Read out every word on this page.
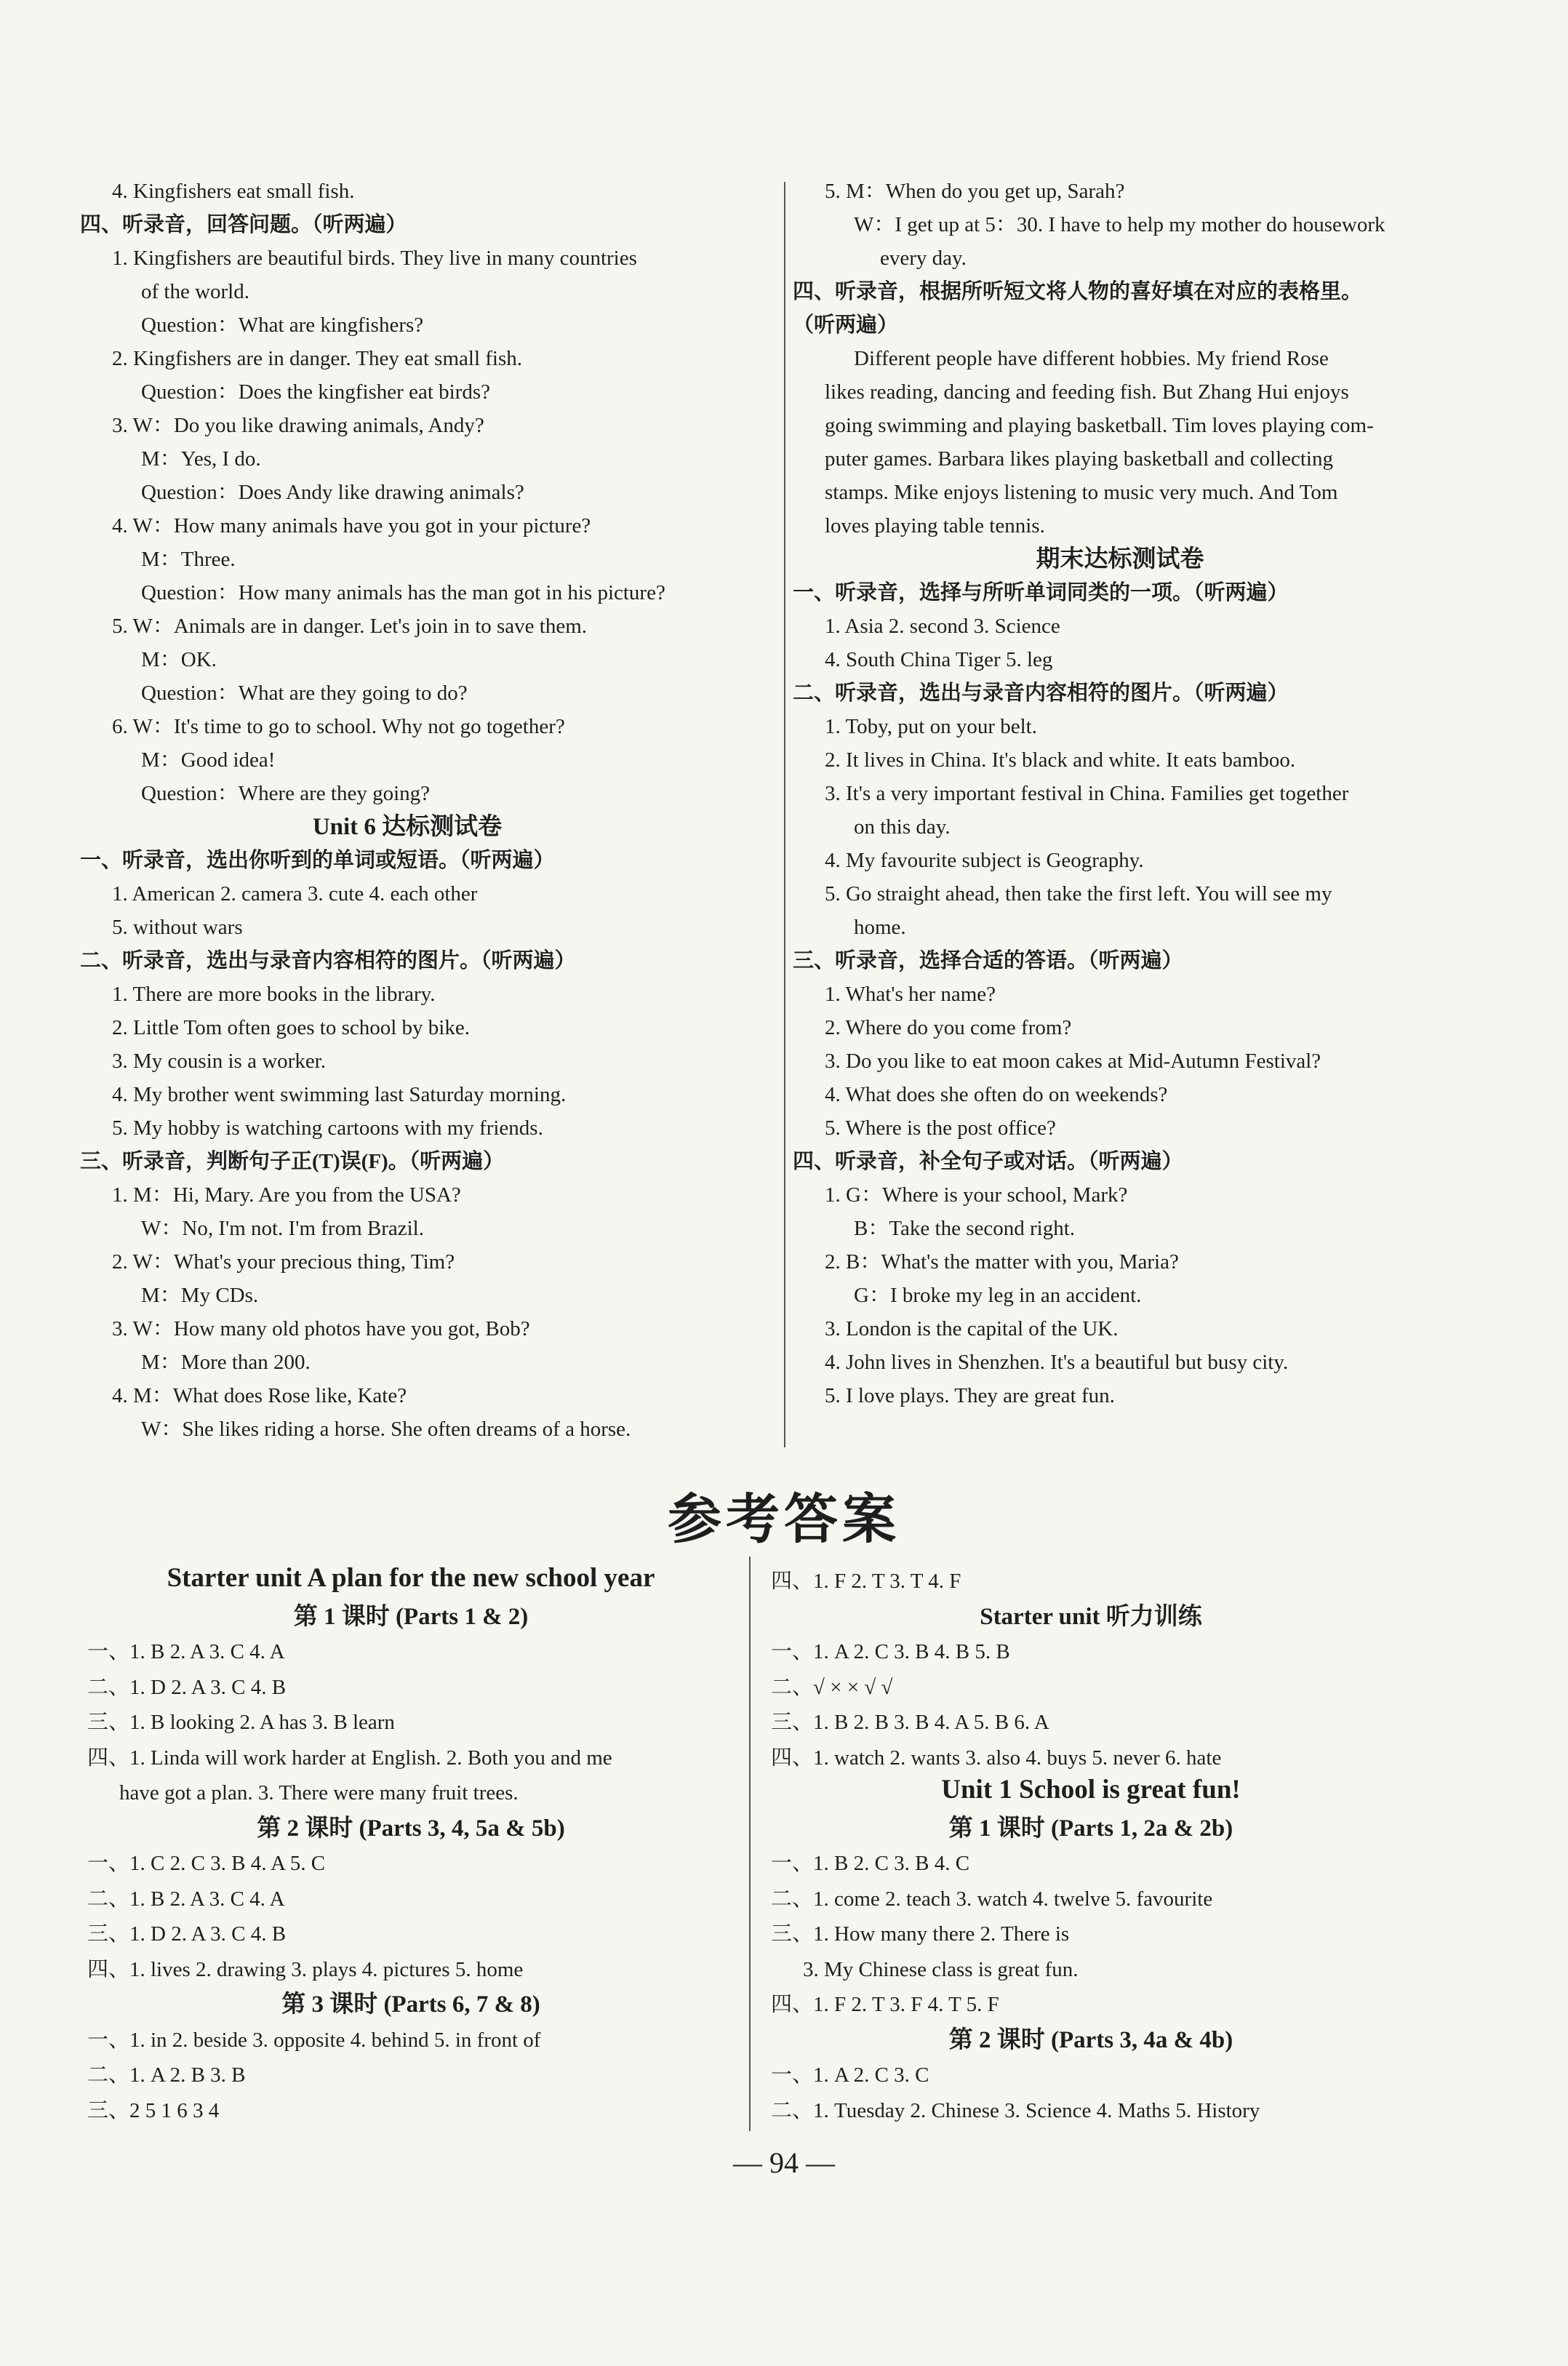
参考答案
— 94 —
4. Kingfishers eat small fish.
四、听录音，回答问题。（听两遍）
1. Kingfishers are beautiful birds. They live in many countries
of the world.
Question：What are kingfishers?
2. Kingfishers are in danger. They eat small fish.
Question：Does the kingfisher eat birds?
3. W：Do you like drawing animals, Andy?
M：Yes, I do.
Question：Does Andy like drawing animals?
4. W：How many animals have you got in your picture?
M：Three.
Question：How many animals has the man got in his picture?
5. W：Animals are in danger. Let's join in to save them.
M：OK.
Question：What are they going to do?
6. W：It's time to go to school. Why not go together?
M：Good idea!
Question：Where are they going?
Unit 6 达标测试卷
一、听录音，选出你听到的单词或短语。（听两遍）
1. American 2. camera 3. cute 4. each other
5. without wars
二、听录音，选出与录音内容相符的图片。（听两遍）
1. There are more books in the library.
2. Little Tom often goes to school by bike.
3. My cousin is a worker.
4. My brother went swimming last Saturday morning.
5. My hobby is watching cartoons with my friends.
三、听录音，判断句子正(T)误(F)。（听两遍）
1. M：Hi, Mary. Are you from the USA?
W：No, I'm not. I'm from Brazil.
2. W：What's your precious thing, Tim?
M：My CDs.
3. W：How many old photos have you got, Bob?
M：More than 200.
4. M：What does Rose like, Kate?
W：She likes riding a horse. She often dreams of a horse.
5. M：When do you get up, Sarah?
W：I get up at 5：30. I have to help my mother do housework
every day.
四、听录音，根据所听短文将人物的喜好填在对应的表格里。
（听两遍）
Different people have different hobbies. My friend Rose
likes reading, dancing and feeding fish. But Zhang Hui enjoys
going swimming and playing basketball. Tim loves playing com-
puter games. Barbara likes playing basketball and collecting
stamps. Mike enjoys listening to music very much. And Tom
loves playing table tennis.
期末达标测试卷
一、听录音，选择与所听单词同类的一项。（听两遍）
1. Asia 2. second 3. Science
4. South China Tiger 5. leg
二、听录音，选出与录音内容相符的图片。（听两遍）
1. Toby, put on your belt.
2. It lives in China. It's black and white. It eats bamboo.
3. It's a very important festival in China. Families get together
on this day.
4. My favourite subject is Geography.
5. Go straight ahead, then take the first left. You will see my
home.
三、听录音，选择合适的答语。（听两遍）
1. What's her name?
2. Where do you come from?
3. Do you like to eat moon cakes at Mid-Autumn Festival?
4. What does she often do on weekends?
5. Where is the post office?
四、听录音，补全句子或对话。（听两遍）
1. G：Where is your school, Mark?
B：Take the second right.
2. B：What's the matter with you, Maria?
G：I broke my leg in an accident.
3. London is the capital of the UK.
4. John lives in Shenzhen. It's a beautiful but busy city.
5. I love plays. They are great fun.
Starter unit A plan for the new school year
第 1 课时 (Parts 1 & 2)
一、1. B 2. A 3. C 4. A
二、1. D 2. A 3. C 4. B
三、1. B looking 2. A has 3. B learn
四、1. Linda will work harder at English. 2. Both you and me
have got a plan. 3. There were many fruit trees.
第 2 课时 (Parts 3, 4, 5a & 5b)
一、1. C 2. C 3. B 4. A 5. C
二、1. B 2. A 3. C 4. A
三、1. D 2. A 3. C 4. B
四、1. lives 2. drawing 3. plays 4. pictures 5. home
第 3 课时 (Parts 6, 7 & 8)
一、1. in 2. beside 3. opposite 4. behind 5. in front of
二、1. A 2. B 3. B
三、2 5 1 6 3 4
四、1. F 2. T 3. T 4. F
Starter unit 听力训练
一、1. A 2. C 3. B 4. B 5. B
二、√ × × √ √
三、1. B 2. B 3. B 4. A 5. B 6. A
四、1. watch 2. wants 3. also 4. buys 5. never 6. hate
Unit 1 School is great fun!
第 1 课时 (Parts 1, 2a & 2b)
一、1. B 2. C 3. B 4. C
二、1. come 2. teach 3. watch 4. twelve 5. favourite
三、1. How many there 2. There is
3. My Chinese class is great fun.
四、1. F 2. T 3. F 4. T 5. F
第 2 课时 (Parts 3, 4a & 4b)
一、1. A 2. C 3. C
二、1. Tuesday 2. Chinese 3. Science 4. Maths 5. History
